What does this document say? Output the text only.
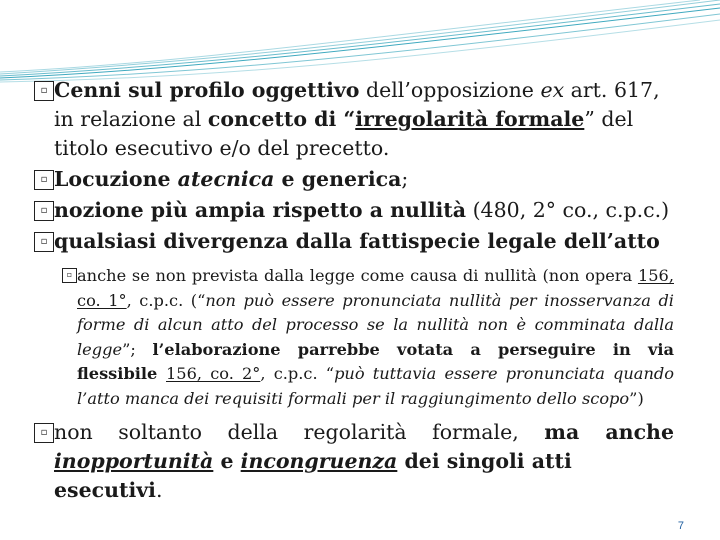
▫ Cenni sul profilo oggettivo dell’opposizione ex art. 617, in relazione al concetto di “irregolarità formale” del titolo esecutivo e/o del precetto.
▫ Locuzione atecnica e generica;
▫ nozione più ampia rispetto a nullità (480, 2° co., c.p.c.)
▫ qualsiasi divergenza dalla fattispecie legale dell’atto
▫ anche se non prevista dalla legge come causa di nullità (non opera 156, co. 1°, c.p.c. (“non può essere pronunciata nullità per inosservanza di forme di alcun atto del processo se la nullità non è comminata dalla legge”; l’elaborazione parrebbe votata a perseguire in via flessibile 156, co. 2°, c.p.c. “può tuttavia essere pronunciata quando l’atto manca dei requisiti formali per il raggiungimento dello scopo”)
▫ non soltanto della regolarità formale, ma anche
inopportunità e incongruenza dei singoli atti esecutivi.
7
